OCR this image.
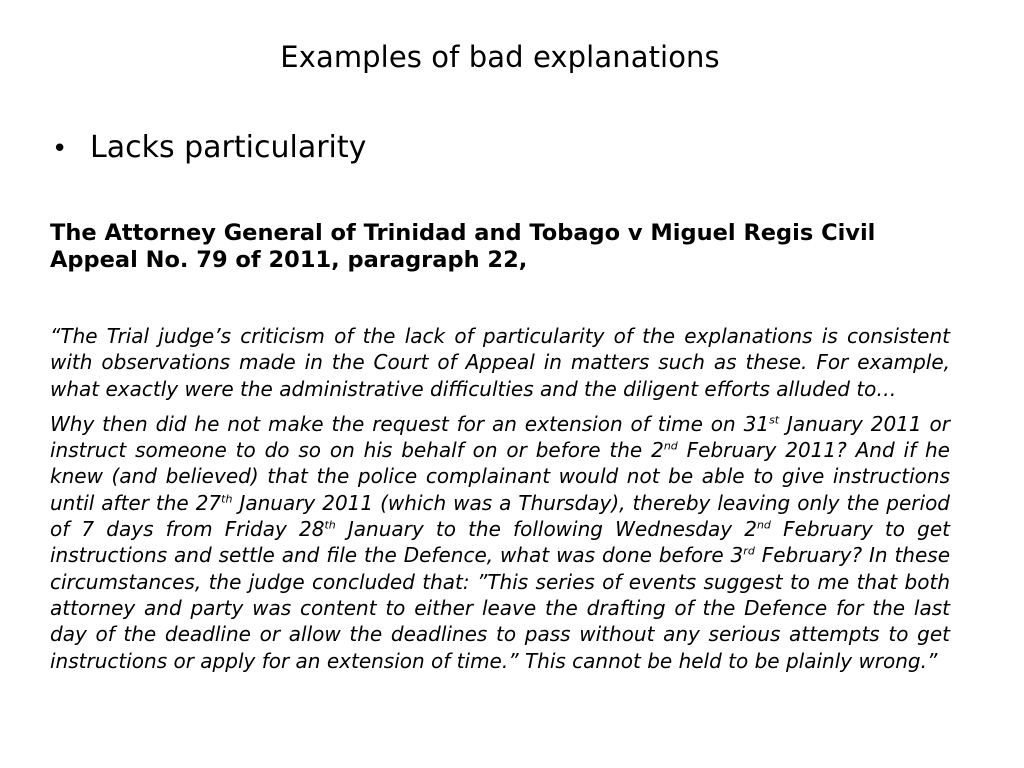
Examples of bad explanations
• Lacks particularity

The Attorney General of Trinidad and Tobago v Miguel Regis Civil Appeal No. 79 of 2011, paragraph 22,

“The Trial judge’s criticism of the lack of particularity of the explanations is consistent with observations made in the Court of Appeal in matters such as these. For example, what exactly were the administrative difficulties and the diligent efforts alluded to…

Why then did he not make the request for an extension of time on 31st January 2011 or instruct someone to do so on his behalf on or before the 2nd February 2011? And if he knew (and believed) that the police complainant would not be able to give instructions until after the 27th January 2011 (which was a Thursday), thereby leaving only the period of 7 days from Friday 28th January to the following Wednesday 2nd February to get instructions and settle and file the Defence, what was done before 3rd February? In these circumstances, the judge concluded that: ”This series of events suggest to me that both attorney and party was content to either leave the drafting of the Defence for the last day of the deadline or allow the deadlines to pass without any serious attempts to get instructions or apply for an extension of time.” This cannot be held to be plainly wrong.”
